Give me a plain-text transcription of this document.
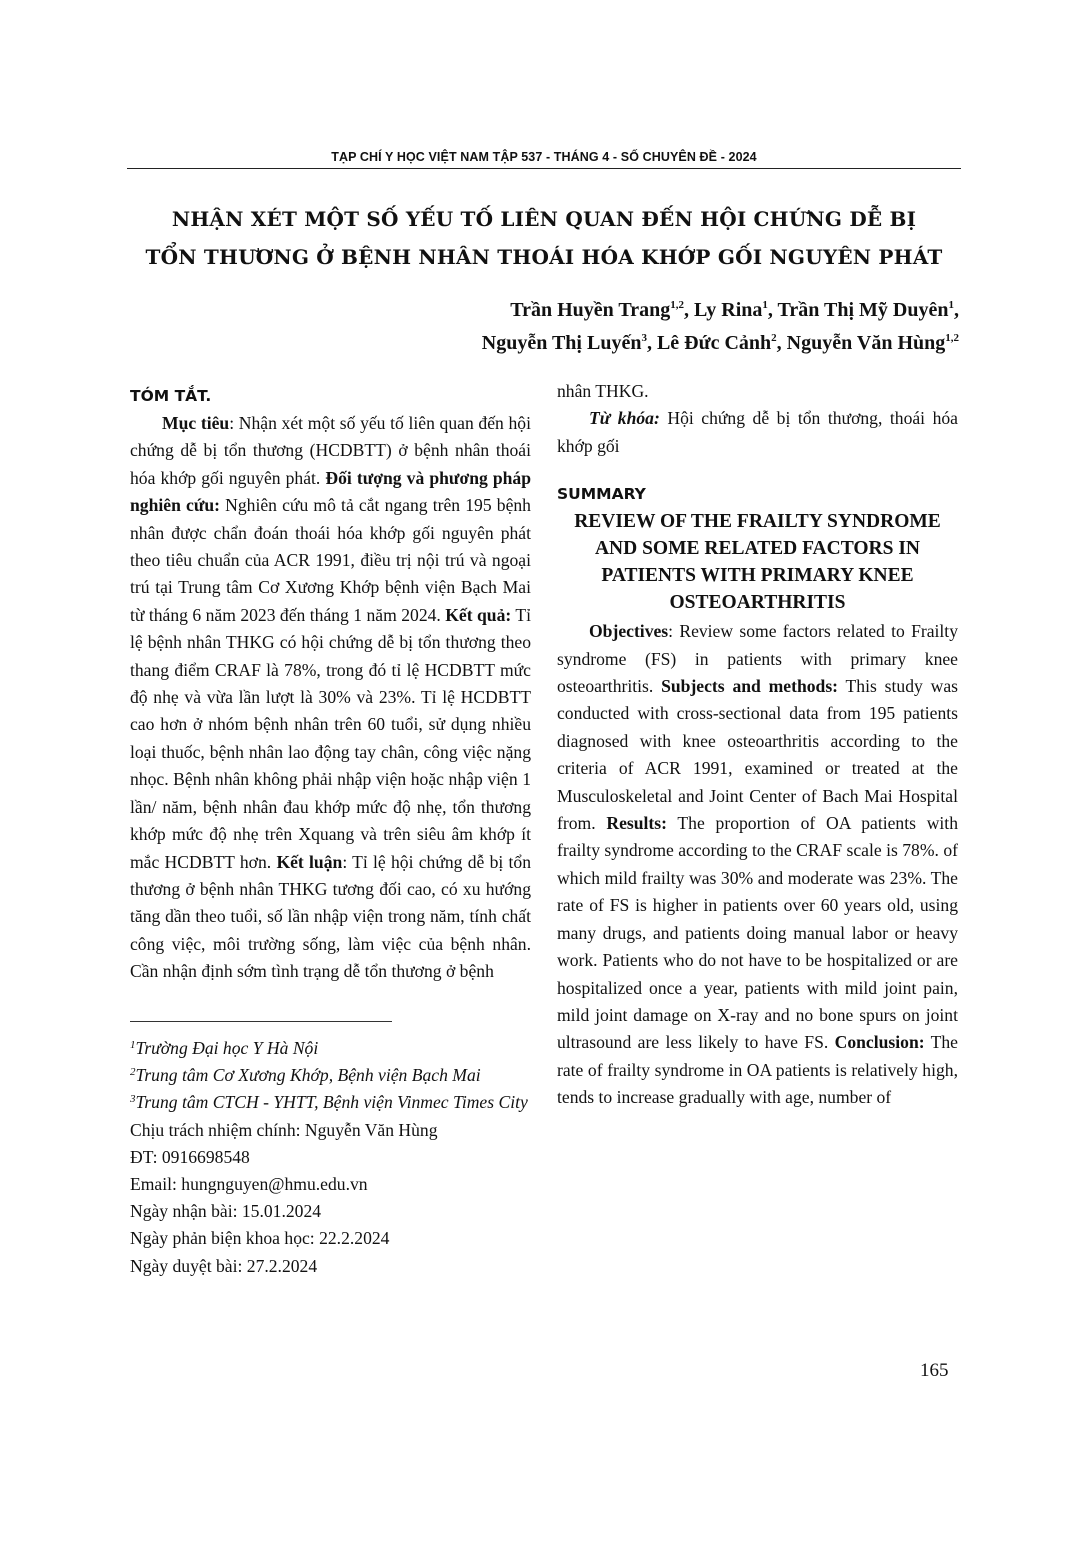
TẠP CHÍ Y HỌC VIỆT NAM TẬP 537 - THÁNG 4 - SỐ CHUYÊN ĐỀ - 2024
NHẬN XÉT MỘT SỐ YẾU TỐ LIÊN QUAN ĐẾN HỘI CHỨNG DỄ BỊ
TỔN THƯƠNG Ở BỆNH NHÂN THOÁI HÓA KHỚP GỐI NGUYÊN PHÁT
Trần Huyền Trang$^{1,2}$, Ly Rina$^1$, Trần Thị Mỹ Duyên$^1$,
Nguyễn Thị Luyến$^3$, Lê Đức Cảnh$^2$, Nguyễn Văn Hùng$^{1,2}$
TÓM TẮT.

Mục tiêu: Nhận xét một số yếu tố liên quan đến hội chứng dễ bị tổn thương (HCDBTT) ở bệnh nhân thoái hóa khớp gối nguyên phát. Đối tượng và phương pháp nghiên cứu: Nghiên cứu mô tả cắt ngang trên 195 bệnh nhân được chẩn đoán thoái hóa khớp gối nguyên phát theo tiêu chuẩn của ACR 1991, điều trị nội trú và ngoại trú tại Trung tâm Cơ Xương Khớp bệnh viện Bạch Mai từ tháng 6 năm 2023 đến tháng 1 năm 2024. Kết quả: Tỉ lệ bệnh nhân THKG có hội chứng dễ bị tổn thương theo thang điểm CRAF là 78%, trong đó tỉ lệ HCDBTT mức độ nhẹ và vừa lần lượt là 30% và 23%. Tỉ lệ HCDBTT cao hơn ở nhóm bệnh nhân trên 60 tuổi, sử dụng nhiều loại thuốc, bệnh nhân lao động tay chân, công việc nặng nhọc. Bệnh nhân không phải nhập viện hoặc nhập viện 1 lần/ năm, bệnh nhân đau khớp mức độ nhẹ, tổn thương khớp mức độ nhẹ trên Xquang và trên siêu âm khớp ít mắc HCDBTT hơn. Kết luận: Tỉ lệ hội chứng dễ bị tổn thương ở bệnh nhân THKG tương đối cao, có xu hướng tăng dần theo tuổi, số lần nhập viện trong năm, tính chất công việc, môi trường sống, làm việc của bệnh nhân. Cần nhận định sớm tình trạng dễ tổn thương ở bệnh

$^1$Trường Đại học Y Hà Nội

$^2$Trung tâm Cơ Xương Khớp, Bệnh viện Bạch Mai

$^3$Trung tâm CTCH - YHTT, Bệnh viện Vinmec Times City

Chịu trách nhiệm chính: Nguyễn Văn Hùng

ĐT: 0916698548

Email: hungnguyen@hmu.edu.vn

Ngày nhận bài: 15.01.2024

Ngày phản biện khoa học: 22.2.2024

Ngày duyệt bài: 27.2.2024

nhân THKG.

Từ khóa: Hội chứng dễ bị tổn thương, thoái hóa khớp gối

SUMMARY
REVIEW OF THE FRAILTY SYNDROME AND SOME RELATED FACTORS IN PATIENTS WITH PRIMARY KNEE OSTEOARTHRITIS

Objectives: Review some factors related to Frailty syndrome (FS) in patients with primary knee osteoarthritis. Subjects and methods: This study was conducted with cross-sectional data from 195 patients diagnosed with knee osteoarthritis according to the criteria of ACR 1991, examined or treated at the Musculoskeletal and Joint Center of Bach Mai Hospital from. Results: The proportion of OA patients with frailty syndrome according to the CRAF scale is 78%. of which mild frailty was 30% and moderate was 23%. The rate of FS is higher in patients over 60 years old, using many drugs, and patients doing manual labor or heavy work. Patients who do not have to be hospitalized or are hospitalized once a year, patients with mild joint pain, mild joint damage on X-ray and no bone spurs on joint ultrasound are less likely to have FS. Conclusion: The rate of frailty syndrome in OA patients is relatively high, tends to increase gradually with age, number of

165
